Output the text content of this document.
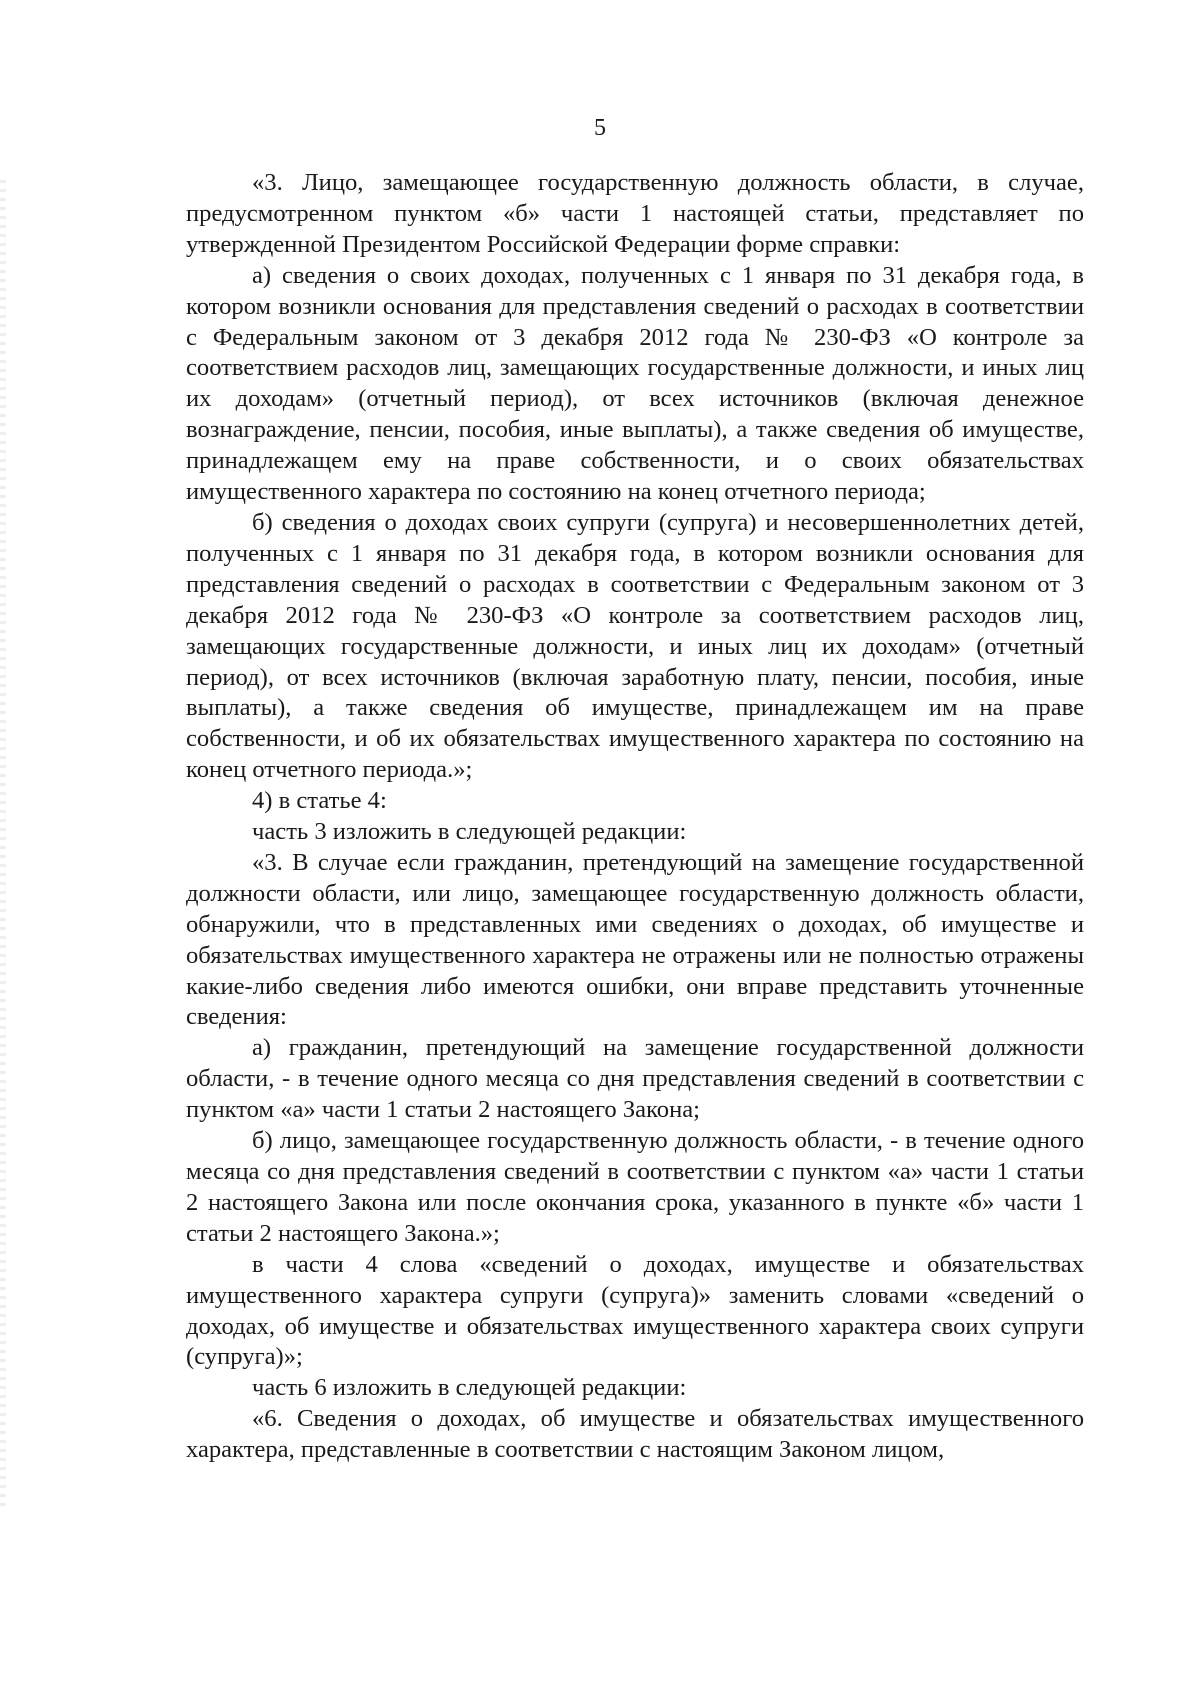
5

«3. Лицо, замещающее государственную должность области, в случае, предусмотренном пунктом «б» части 1 настоящей статьи, представляет по утвержденной Президентом Российской Федерации форме справки:

а) сведения о своих доходах, полученных с 1 января по 31 декабря года, в котором возникли основания для представления сведений о расходах в соответствии с Федеральным законом от 3 декабря 2012 года № 230-ФЗ «О контроле за соответствием расходов лиц, замещающих государственные должности, и иных лиц их доходам» (отчетный период), от всех источников (включая денежное вознаграждение, пенсии, пособия, иные выплаты), а также сведения об имуществе, принадлежащем ему на праве собственности, и о своих обязательствах имущественного характера по состоянию на конец отчетного периода;

б) сведения о доходах своих супруги (супруга) и несовершеннолетних детей, полученных с 1 января по 31 декабря года, в котором возникли основания для представления сведений о расходах в соответствии с Федеральным законом от 3 декабря 2012 года № 230-ФЗ «О контроле за соответствием расходов лиц, замещающих государственные должности, и иных лиц их доходам» (отчетный период), от всех источников (включая заработную плату, пенсии, пособия, иные выплаты), а также сведения об имуществе, принадлежащем им на праве собственности, и об их обязательствах имущественного характера по состоянию на конец отчетного периода.»;

4) в статье 4:

часть 3 изложить в следующей редакции:

«3. В случае если гражданин, претендующий на замещение государственной должности области, или лицо, замещающее государственную должность области, обнаружили, что в представленных ими сведениях о доходах, об имуществе и обязательствах имущественного характера не отражены или не полностью отражены какие-либо сведения либо имеются ошибки, они вправе представить уточненные сведения:

а) гражданин, претендующий на замещение государственной должности области, - в течение одного месяца со дня представления сведений в соответствии с пунктом «а» части 1 статьи 2 настоящего Закона;

б) лицо, замещающее государственную должность области, - в течение одного месяца со дня представления сведений в соответствии с пунктом «а» части 1 статьи 2 настоящего Закона или после окончания срока, указанного в пункте «б» части 1 статьи 2 настоящего Закона.»;

в части 4 слова «сведений о доходах, имуществе и обязательствах имущественного характера супруги (супруга)» заменить словами «сведений о доходах, об имуществе и обязательствах имущественного характера своих супруги (супруга)»;

часть 6 изложить в следующей редакции:

«6. Сведения о доходах, об имуществе и обязательствах имущественного характера, представленные в соответствии с настоящим Законом лицом,
